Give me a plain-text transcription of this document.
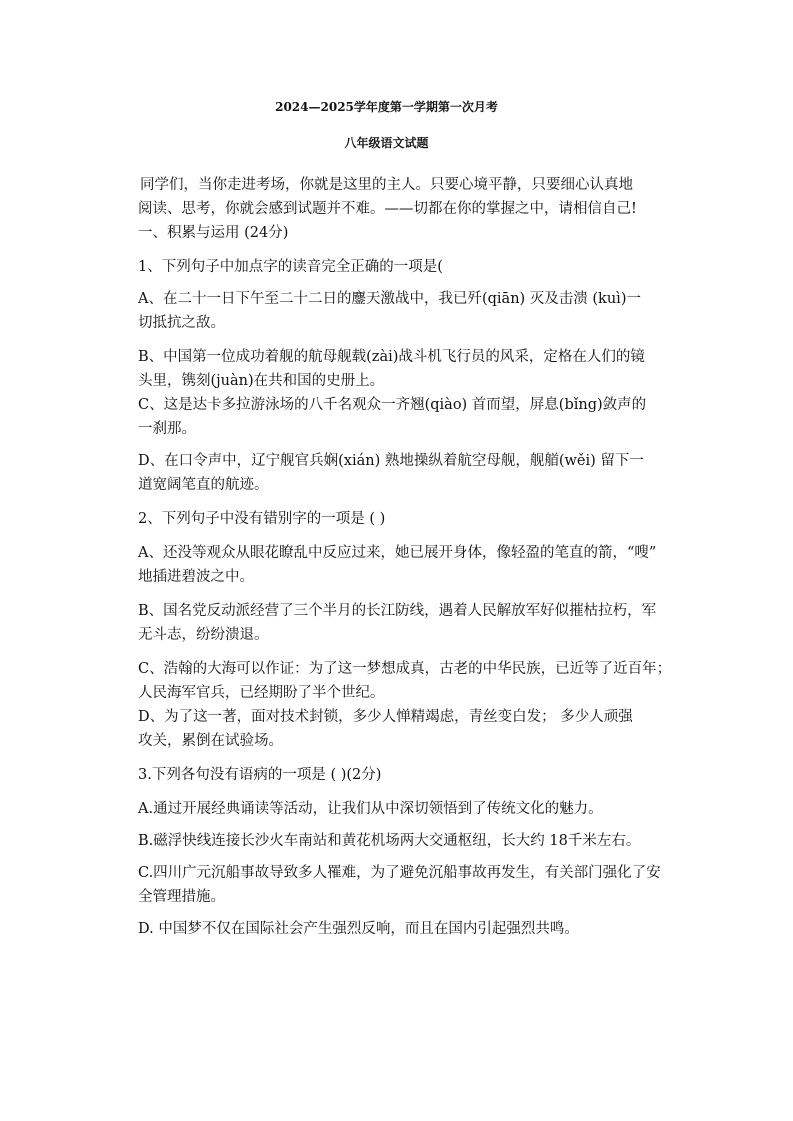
2024—2025学年度第一学期第一次月考
八年级语文试题
同学们，当你走进考场，你就是这里的主人。只要心境平静，只要细心认真地
阅读、思考，你就会感到试题并不难。——切都在你的掌握之中，请相信自己!
一、积累与运用 (24分)
1、下列句子中加点字的读音完全正确的一项是(
A、在二十一日下午至二十二日的鏖天激战中，我已歼(qiān) 灭及击溃 (kuì)一
切抵抗之敌。
B、中国第一位成功着舰的航母舰载(zài)战斗机飞行员的风采，定格在人们的镜
头里，镌刻(juàn)在共和国的史册上。
C、这是达卡多拉游泳场的八千名观众一齐翘(qiào) 首而望，屏息(bǐng)敛声的
一刹那。
D、在口令声中，辽宁舰官兵娴(xián) 熟地操纵着航空母舰，舰艏(wěi) 留下一
道宽阔笔直的航迹。
2、下列句子中没有错别字的一项是 ( )
A、还没等观众从眼花瞭乱中反应过来，她已展开身体，像轻盈的笔直的箭，“嗖”
地插进碧波之中。
B、国名党反动派经营了三个半月的长江防线，遇着人民解放军好似摧枯拉朽，军
无斗志，纷纷溃退。
C、浩翰的大海可以作证：为了这一梦想成真，古老的中华民族，已近等了近百年；
人民海军官兵，已经期盼了半个世纪。
D、为了这一著，面对技术封锁，多少人惮精竭虑，青丝变白发； 多少人顽强
攻关，累倒在试验场。
3.下列各句没有语病的一项是 ( )(2分)
A.通过开展经典诵读等活动，让我们从中深切领悟到了传统文化的魅力。
B.磁浮快线连接长沙火车南站和黄花机场两大交通枢纽，长大约 18千米左右。
C.四川广元沉船事故导致多人罹难，为了避免沉船事故再发生，有关部门强化了安
全管理措施。
D. 中国梦不仅在国际社会产生强烈反响，而且在国内引起强烈共鸣。
